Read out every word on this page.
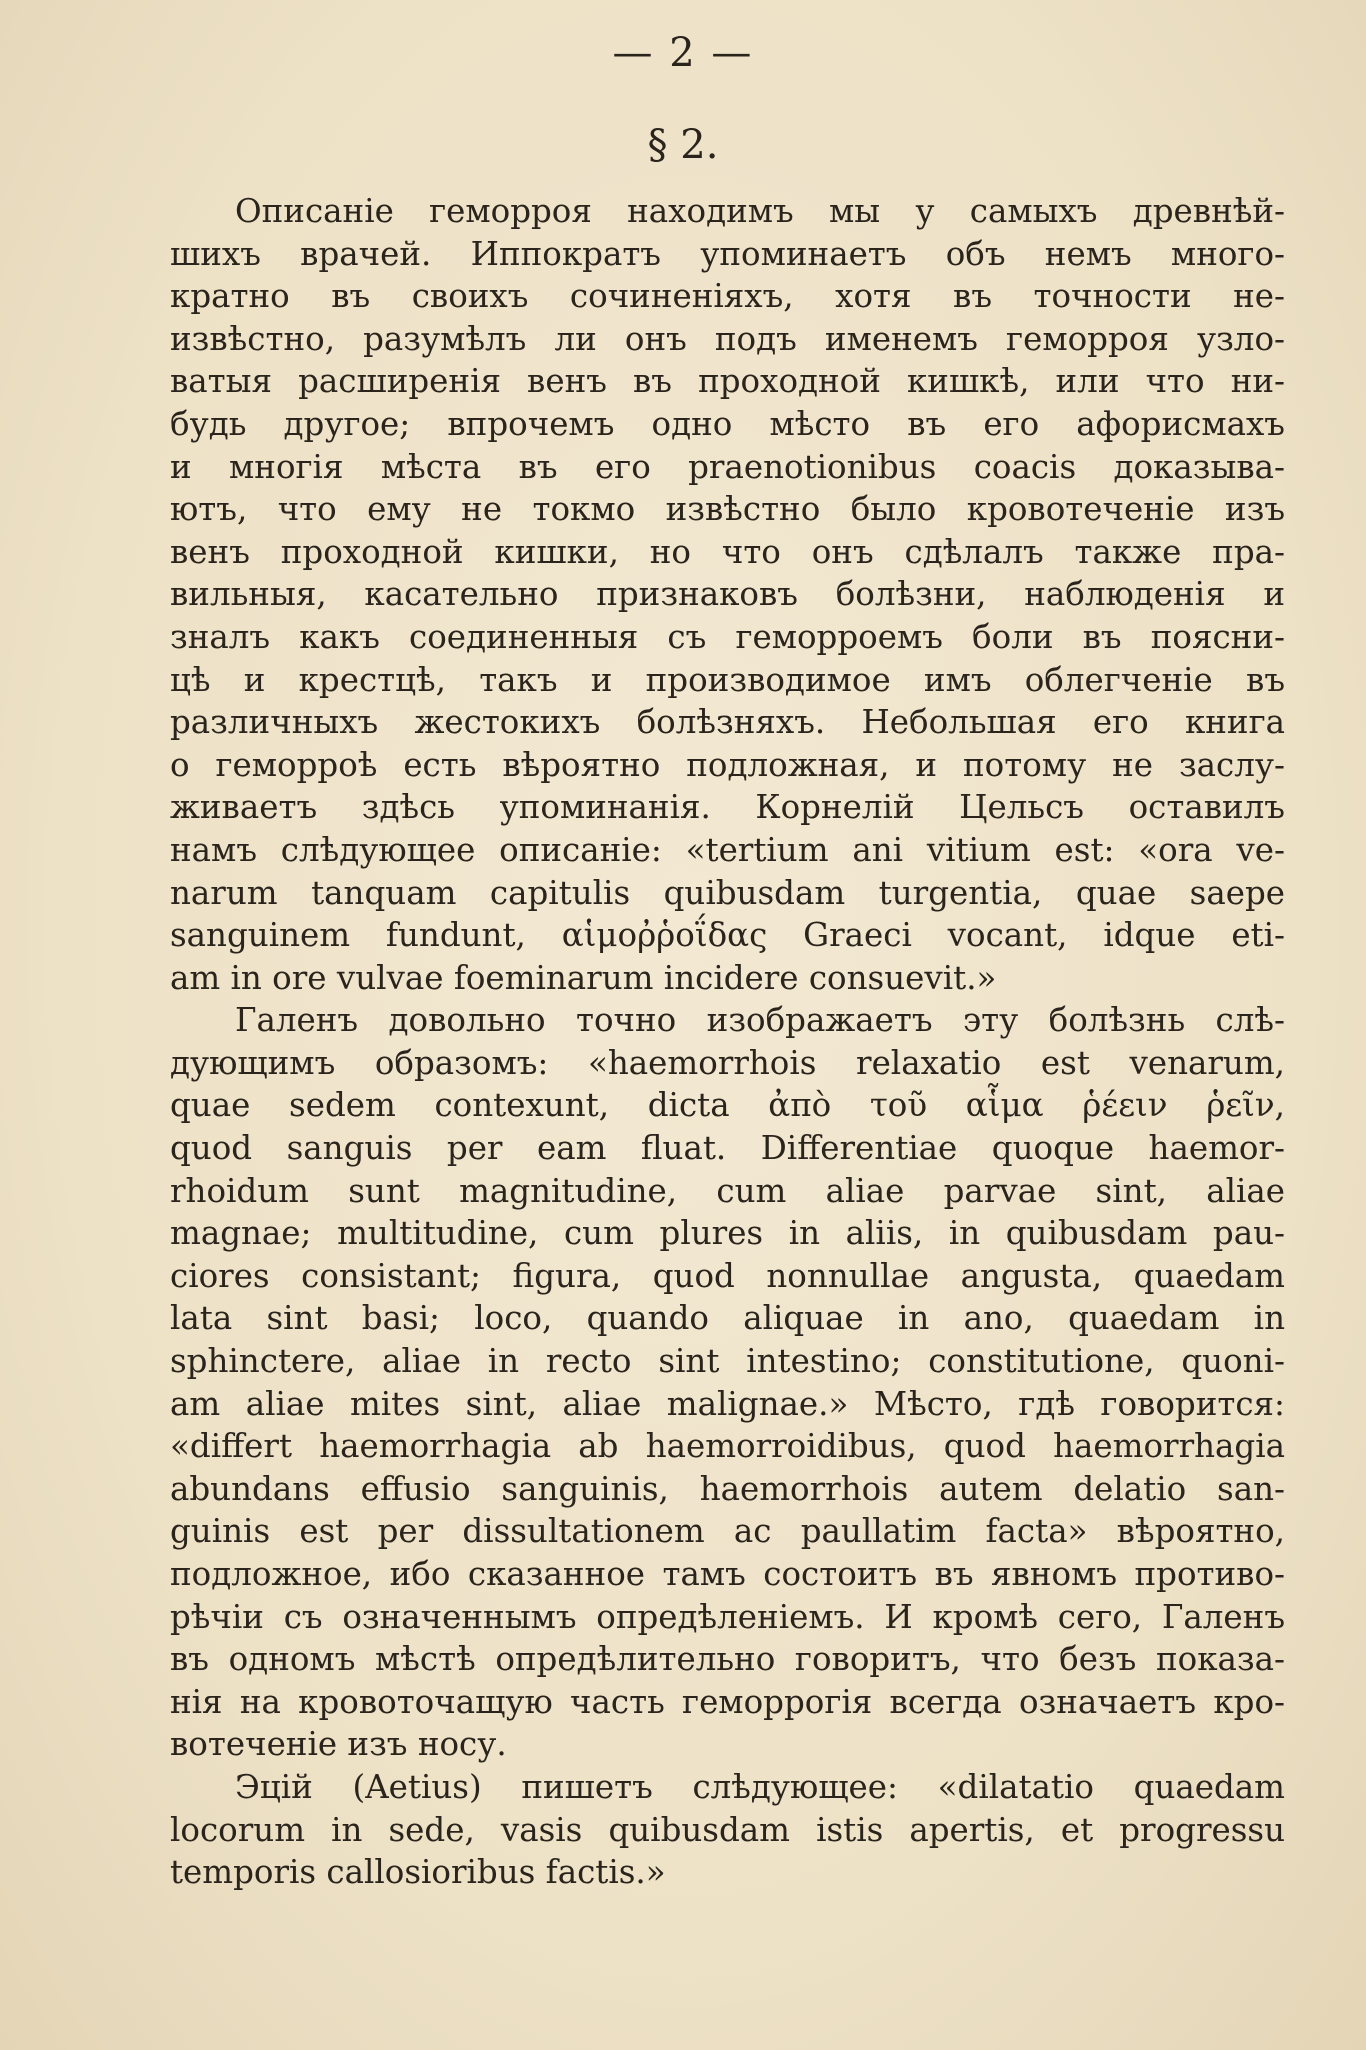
— 2 —
§ 2.
Описаніе геморроя находимъ мы у самыхъ древнѣй-
шихъ врачей. Иппократъ упоминаетъ объ немъ много-
кратно въ своихъ сочиненіяхъ, хотя въ точности не-
извѣстно, разумѣлъ ли онъ подъ именемъ геморроя узло-
ватыя расширенія венъ въ проходной кишкѣ, или что ни-
будь другое; впрочемъ одно мѣсто въ его афорисмахъ
и многія мѣста въ его praenotionibus coacis доказыва-
ютъ, что ему не токмо извѣстно было кровотеченіе изъ
венъ проходной кишки, но что онъ сдѣлалъ также пра-
вильныя, касательно признаковъ болѣзни, наблюденія и
зналъ какъ соединенныя съ геморроемъ боли въ поясни-
цѣ и крестцѣ, такъ и производимое имъ облегченіе въ
различныхъ жестокихъ болѣзняхъ. Небольшая его книга
о геморроѣ есть вѣроятно подложная, и потому не заслу-
живаетъ здѣсь упоминанія. Корнелій Цельсъ оставилъ
намъ слѣдующее описаніе: «tertium ani vitium est: «ora ve-
narum tanquam capitulis quibusdam turgentia, quae saepe
sanguinem fundunt, αἱμοῤῥοΐδας Graeci vocant, idque eti-
am in ore vulvae foeminarum incidere consuevit.»
Галенъ довольно точно изображаетъ эту болѣзнь слѣ-
дующимъ образомъ: «haemorrhois relaxatio est venarum,
quae sedem contexunt, dicta ἀπὸ τοῦ αἷμα ῥέειν ῥεῖν,
quod sanguis per eam fluat. Differentiae quoque haemor-
rhoidum sunt magnitudine, cum aliae parvae sint, aliae
magnae; multitudine, cum plures in aliis, in quibusdam pau-
ciores consistant; figura, quod nonnullae angusta, quaedam
lata sint basi; loco, quando aliquae in ano, quaedam in
sphinctere, aliae in recto sint intestino; constitutione, quoni-
am aliae mites sint, aliae malignae.» Мѣсто, гдѣ говорится:
«differt haemorrhagia ab haemorroidibus, quod haemorrhagia
abundans effusio sanguinis, haemorrhois autem delatio san-
guinis est per dissultationem ac paullatim facta» вѣроятно,
подложное, ибо сказанное тамъ состоитъ въ явномъ противо-
рѣчіи съ означеннымъ опредѣленіемъ. И кромѣ сего, Галенъ
въ одномъ мѣстѣ опредѣлительно говоритъ, что безъ показа-
нія на кровоточащую часть геморрогія всегда означаетъ кро-
вотеченіе изъ носу.
Эцій (Aetius) пишетъ слѣдующее: «dilatatio quaedam
locorum in sede, vasis quibusdam istis apertis, et progressu
temporis callosioribus factis.»
